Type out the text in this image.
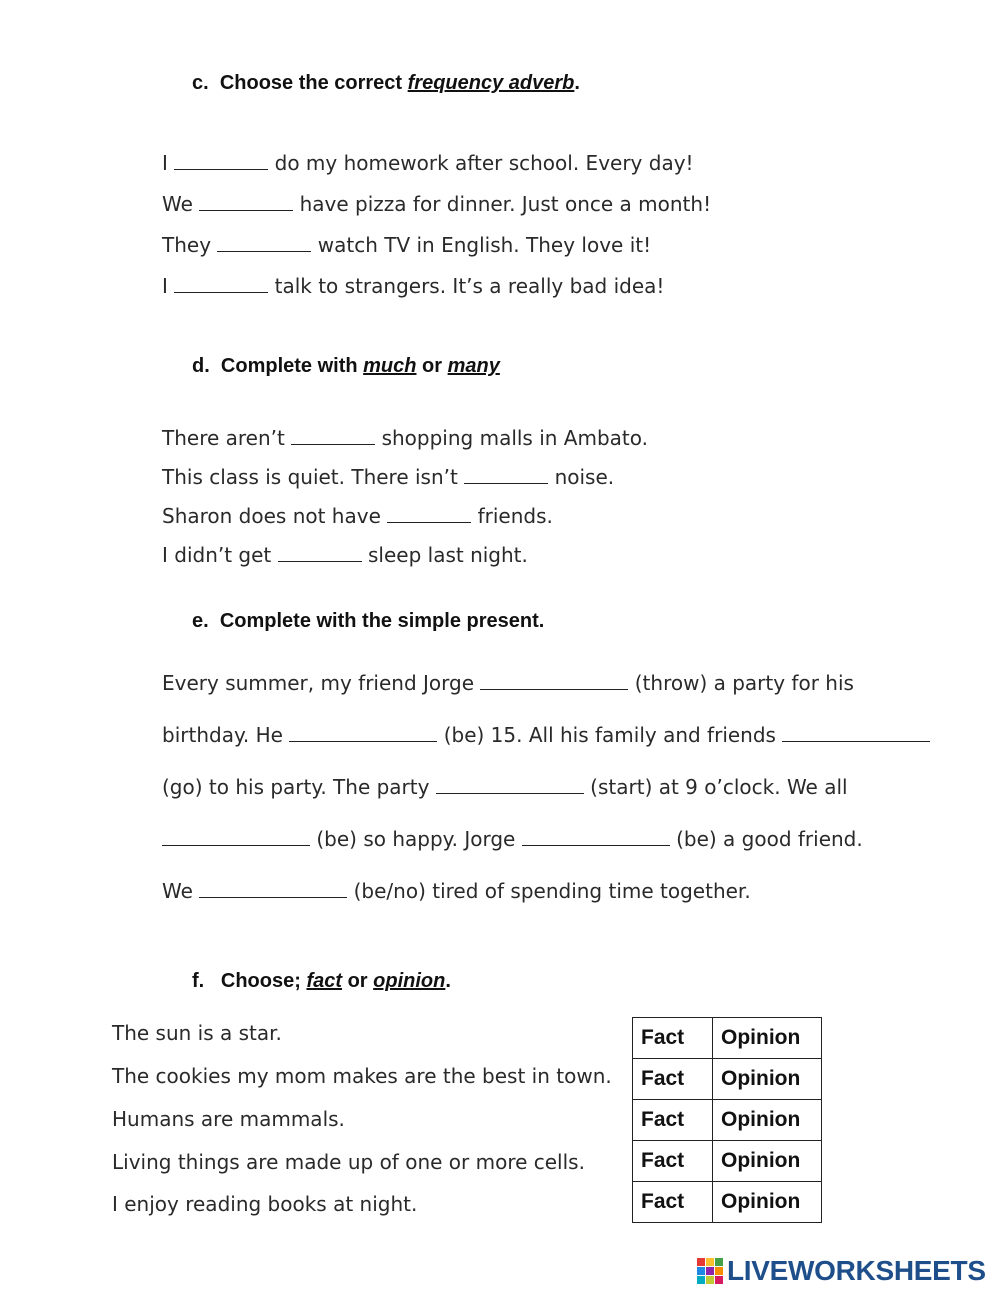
c. Choose the correct frequency adverb.
I	do my homework after school. Every day!
We	have pizza for dinner. Just once a month!
They	watch TV in English. They love it!
I	talk to strangers. It’s a really bad idea!
d. Complete with much or many
There aren’t	shopping malls in Ambato.
This class is quiet. There isn’t	noise.
Sharon does not have	friends.
I didn’t get	sleep last night.
e. Complete with the simple present.
Every summer, my friend Jorge	(throw) a party for his
birthday. He	(be) 15. All his family and friends
(go) to his party. The party	(start) at 9 o’clock. We all
(be) so happy. Jorge	(be) a good friend.
We	(be/no) tired of spending time together.
f. Choose; fact or opinion.
The sun is a star.
The cookies my mom makes are the best in town.
Humans are mammals.
Living things are made up of one or more cells.
I enjoy reading books at night.
Fact	Opinion
Fact	Opinion
Fact	Opinion
Fact	Opinion
Fact	Opinion
LIVEWORKSHEETS
